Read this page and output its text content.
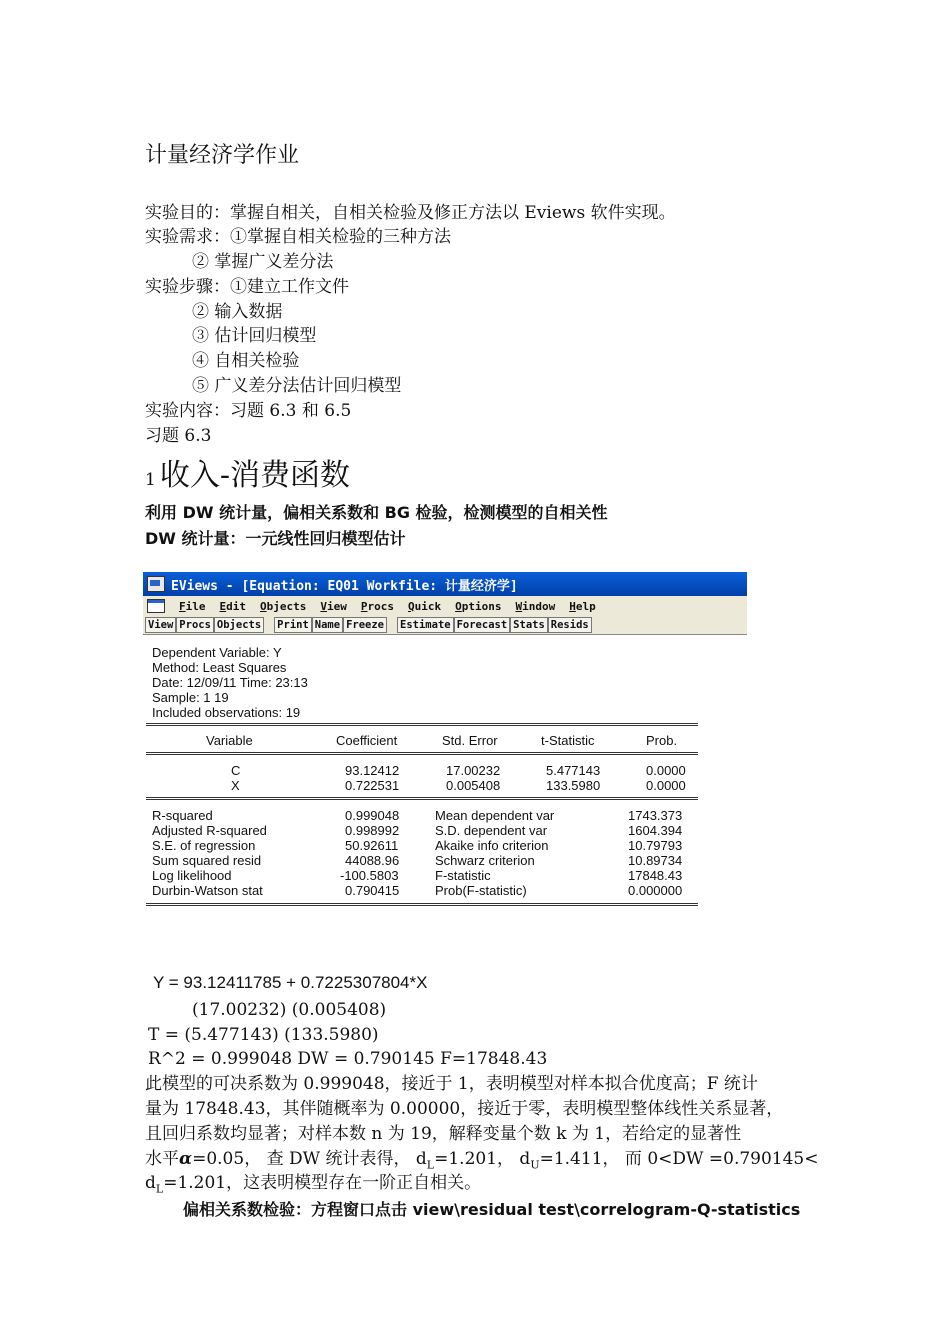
计量经济学作业
实验目的：掌握自相关，自相关检验及修正方法以 Eviews 软件实现。
实验需求：①掌握自相关检验的三种方法
② 掌握广义差分法
实验步骤：①建立工作文件
② 输入数据
③ 估计回归模型
④ 自相关检验
⑤ 广义差分法估计回归模型
实验内容：习题 6.3 和 6.5
习题 6.3
1 收入-消费函数
利用 DW 统计量，偏相关系数和 BG 检验，检测模型的自相关性
DW 统计量：一元线性回归模型估计
EViews - [Equation: EQ01 Workfile: 计量经济学]
File Edit Objects View Procs Quick Options Window Help
View Procs Objects Print Name Freeze Estimate Forecast Stats Resids
Dependent Variable: Y
Method: Least Squares
Date: 12/09/11 Time: 23:13
Sample: 1 19
Included observations: 19
Variable	Coefficient	Std. Error	t-Statistic	Prob.
C	93.12412	17.00232	5.477143	0.0000
X	0.722531	0.005408	133.5980	0.0000
R-squared	0.999048	Mean dependent var	1743.373
Adjusted R-squared	0.998992	S.D. dependent var	1604.394
S.E. of regression	50.92611	Akaike info criterion	10.79793
Sum squared resid	44088.96	Schwarz criterion	10.89734
Log likelihood	-100.5803	F-statistic	17848.43
Durbin-Watson stat	0.790415	Prob(F-statistic)	0.000000
Y = 93.12411785 + 0.7225307804*X
(17.00232) (0.005408)
T = (5.477143) (133.5980)
R^2 = 0.999048 DW = 0.790145 F=17848.43
此模型的可决系数为 0.999048，接近于 1，表明模型对样本拟合优度高；F 统计
量为 17848.43，其伴随概率为 0.00000，接近于零，表明模型整体线性关系显著，
且回归系数均显著；对样本数 n 为 19，解释变量个数 k 为 1，若给定的显著性
水平α=0.05， 查 DW 统计表得， $d_L=1.201$， $d_U=1.411$， 而 0<DW =0.790145<
$d_L=1.201$，这表明模型存在一阶正自相关。
偏相关系数检验：方程窗口点击 view\residual test\correlogram-Q-statistics
